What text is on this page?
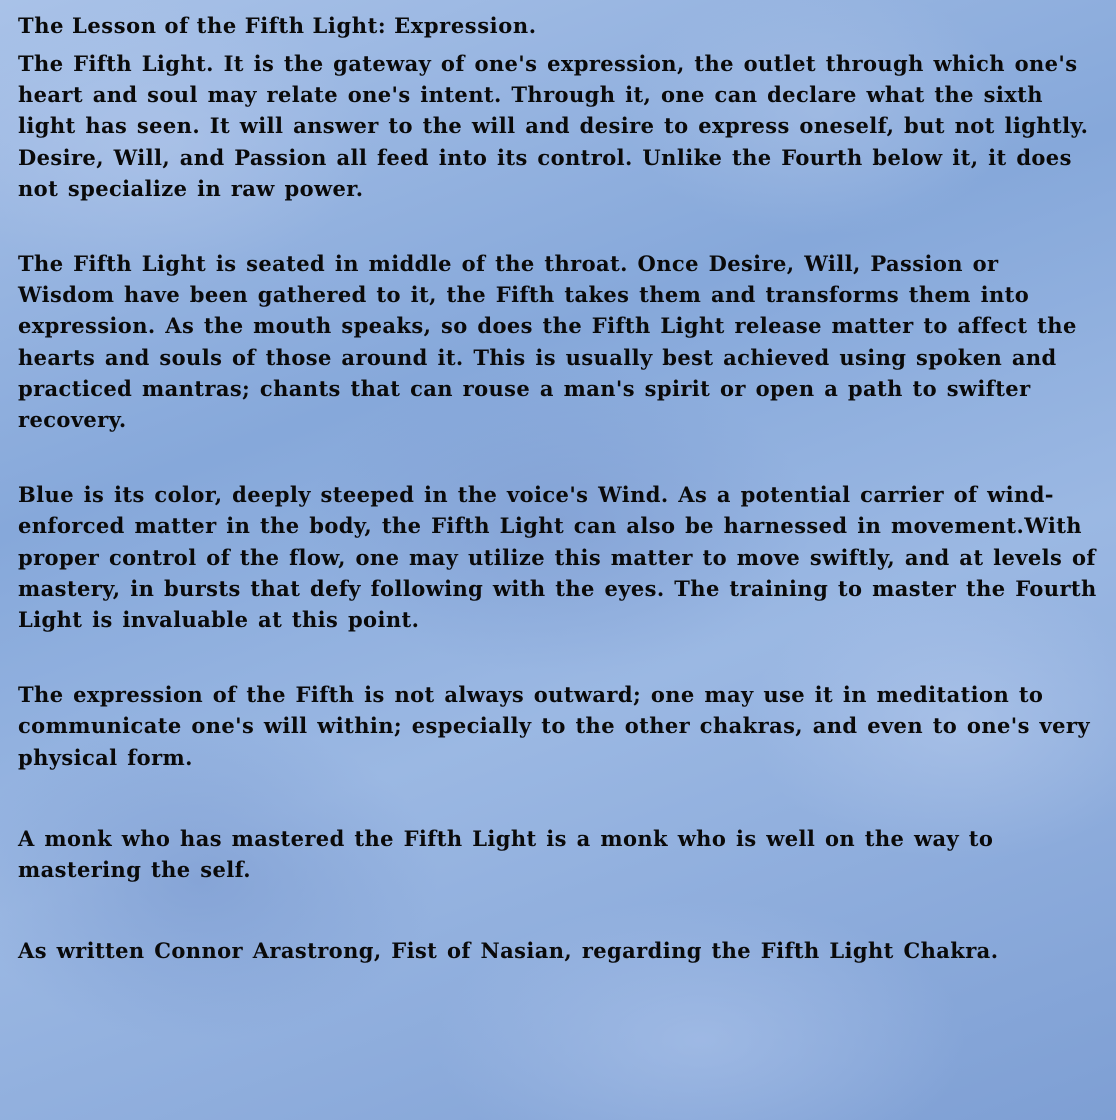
The Lesson of the Fifth Light: Expression.

The Fifth Light. It is the gateway of one's expression, the outlet through which one's heart and soul may relate one's intent. Through it, one can declare what the sixth light has seen. It will answer to the will and desire to express oneself, but not lightly. Desire, Will, and Passion all feed into its control. Unlike the Fourth below it, it does not specialize in raw power.

The Fifth Light is seated in middle of the throat. Once Desire, Will, Passion or Wisdom have been gathered to it, the Fifth takes them and transforms them into expression. As the mouth speaks, so does the Fifth Light release matter to affect the hearts and souls of those around it. This is usually best achieved using spoken and practiced mantras; chants that can rouse a man's spirit or open a path to swifter recovery.

Blue is its color, deeply steeped in the voice's Wind. As a potential carrier of wind-enforced matter in the body, the Fifth Light can also be harnessed in movement.With proper control of the flow, one may utilize this matter to move swiftly, and at levels of mastery, in bursts that defy following with the eyes. The training to master the Fourth Light is invaluable at this point.

The expression of the Fifth is not always outward; one may use it in meditation to communicate one's will within; especially to the other chakras, and even to one's very physical form.

A monk who has mastered the Fifth Light is a monk who is well on the way to mastering the self.

As written Connor Arastrong, Fist of Nasian, regarding the Fifth Light Chakra.
